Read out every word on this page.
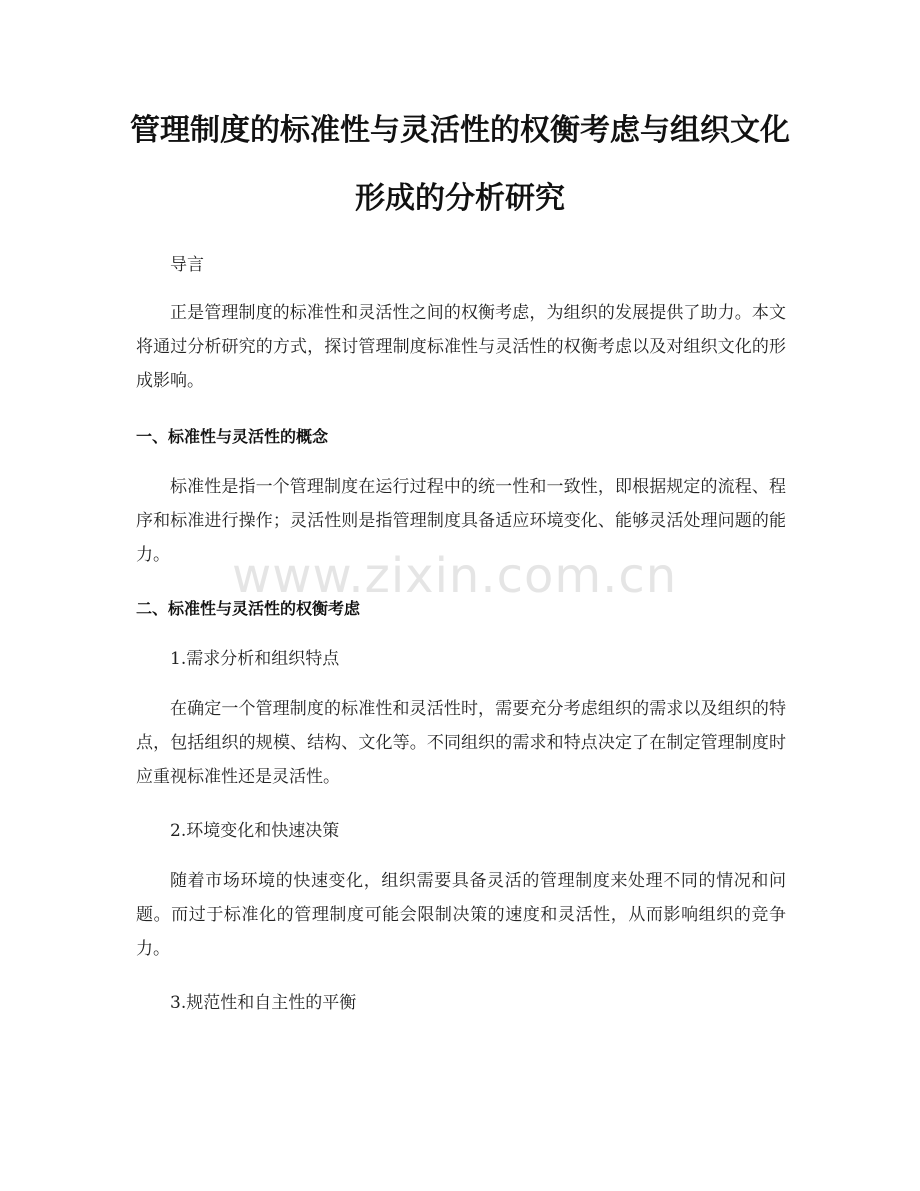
管理制度的标准性与灵活性的权衡考虑与组织文化形成的分析研究

导言

正是管理制度的标准性和灵活性之间的权衡考虑，为组织的发展提供了助力。本文将通过分析研究的方式，探讨管理制度标准性与灵活性的权衡考虑以及对组织文化的形成影响。

一、标准性与灵活性的概念

标准性是指一个管理制度在运行过程中的统一性和一致性，即根据规定的流程、程序和标准进行操作；灵活性则是指管理制度具备适应环境变化、能够灵活处理问题的能力。

二、标准性与灵活性的权衡考虑

1.需求分析和组织特点

在确定一个管理制度的标准性和灵活性时，需要充分考虑组织的需求以及组织的特点，包括组织的规模、结构、文化等。不同组织的需求和特点决定了在制定管理制度时应重视标准性还是灵活性。

2.环境变化和快速决策

随着市场环境的快速变化，组织需要具备灵活的管理制度来处理不同的情况和问题。而过于标准化的管理制度可能会限制决策的速度和灵活性，从而影响组织的竞争力。

3.规范性和自主性的平衡

www.zixin.com.cn
